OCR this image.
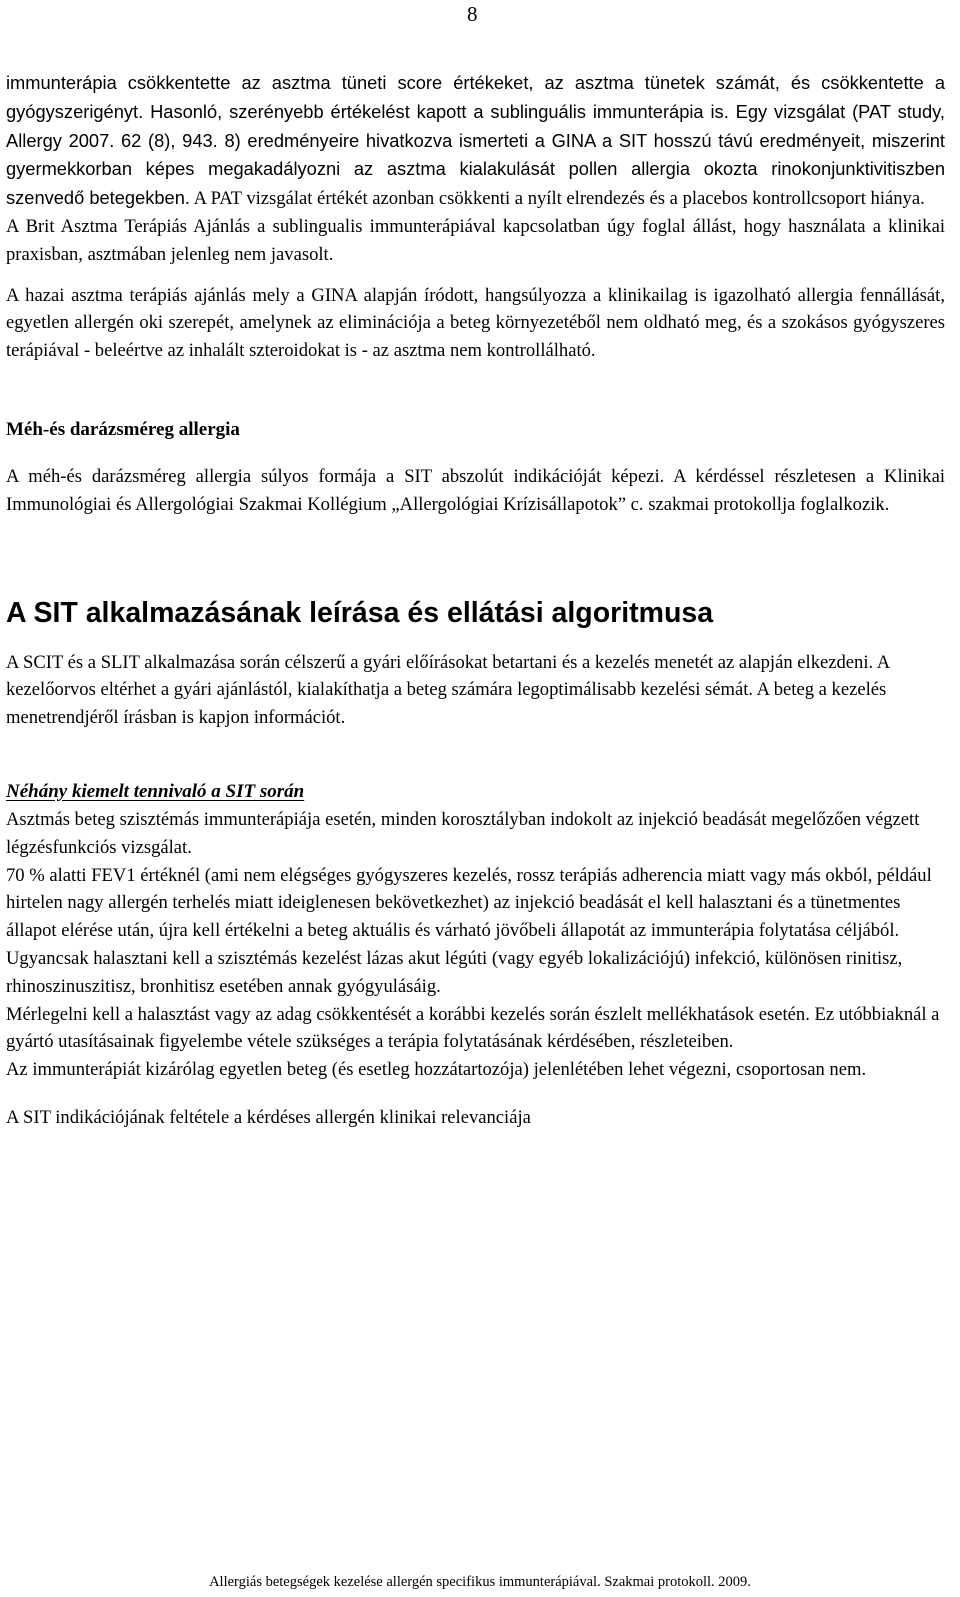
8

immunterápia csökkentette az asztma tüneti score értékeket, az asztma tünetek számát, és csökkentette a gyógyszerigényt. Hasonló, szerényebb értékelést kapott a sublinguális immunterápia is. Egy vizsgálat (PAT study, Allergy 2007. 62 (8), 943. 8) eredményeire hivatkozva ismerteti a GINA a SIT hosszú távú eredményeit, miszerint gyermekkorban képes megakadályozni az asztma kialakulását pollen allergia okozta rinokonjunktivitiszben szenvedő betegekben. A PAT vizsgálat értékét azonban csökkenti a nyílt elrendezés és a placebos kontrollcsoport hiánya.

A Brit Asztma Terápiás Ajánlás a sublingualis immunterápiával kapcsolatban úgy foglal állást, hogy használata a klinikai praxisban, asztmában jelenleg nem javasolt.

A hazai asztma terápiás ajánlás mely a GINA alapján íródott, hangsúlyozza a klinikailag is igazolható allergia fennállását, egyetlen allergén oki szerepét, amelynek az eliminációja a beteg környezetéből nem oldható meg, és a szokásos gyógyszeres terápiával - beleértve az inhalált szteroidokat is - az asztma nem kontrollálható.

Méh-és darázsméreg allergia

A méh-és darázsméreg allergia súlyos formája a SIT abszolút indikációját képezi. A kérdéssel részletesen a Klinikai Immunológiai és Allergológiai Szakmai Kollégium „Allergológiai Krízisállapotok” c. szakmai protokollja foglalkozik.

A SIT alkalmazásának leírása és ellátási algoritmusa

A SCIT és a SLIT alkalmazása során célszerű a gyári előírásokat betartani és a kezelés menetét az alapján elkezdeni. A kezelőorvos eltérhet a gyári ajánlástól, kialakíthatja a beteg számára legoptimálisabb kezelési sémát. A beteg a kezelés menetrendjéről írásban is kapjon információt.

Néhány kiemelt tennivaló a SIT során

Asztmás beteg szisztémás immunterápiája esetén, minden korosztályban indokolt az injekció beadását megelőzően végzett légzésfunkciós vizsgálat.

70 % alatti FEV1 értéknél (ami nem elégséges gyógyszeres kezelés, rossz terápiás adherencia miatt vagy más okból, például hirtelen nagy allergén terhelés miatt ideiglenesen bekövetkezhet) az injekció beadását el kell halasztani és a tünetmentes állapot elérése után, újra kell értékelni a beteg aktuális és várható jövőbeli állapotát az immunterápia folytatása céljából.

Ugyancsak halasztani kell a szisztémás kezelést lázas akut légúti (vagy egyéb lokalizációjú) infekció, különösen rinitisz, rhinoszinuszitisz, bronhitisz esetében annak gyógyulásáig.

Mérlegelni kell a halasztást vagy az adag csökkentését a korábbi kezelés során észlelt mellékhatások esetén. Ez utóbbiaknál a gyártó utasításainak figyelembe vétele szükséges a terápia folytatásának kérdésében, részleteiben.

Az immunterápiát kizárólag egyetlen beteg (és esetleg hozzátartozója) jelenlétében lehet végezni, csoportosan nem.

A SIT indikációjának feltétele a kérdéses allergén klinikai relevanciája

Allergiás betegségek kezelése allergén specifikus immunterápiával. Szakmai protokoll. 2009.
